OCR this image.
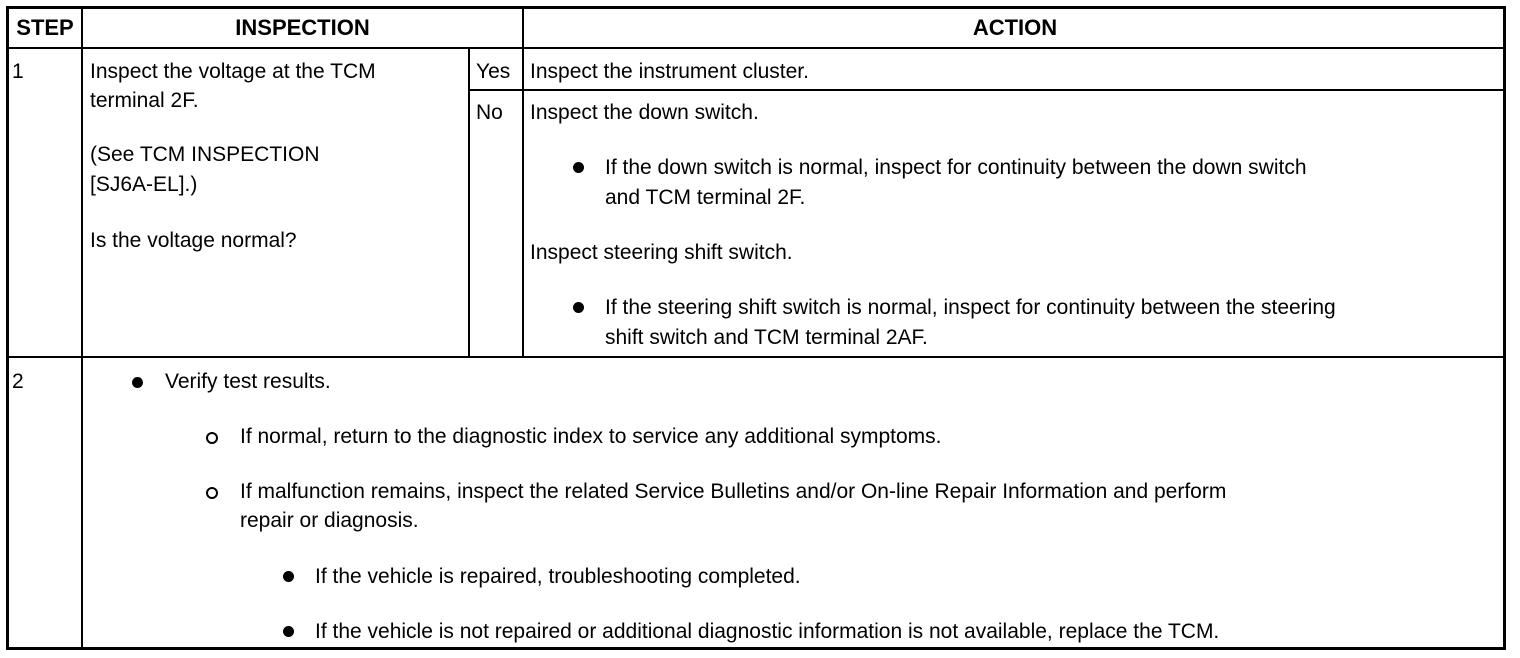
STEP	INSPECTION	ACTION
1	Inspect the voltage at the TCM
terminal 2F.
(See TCM INSPECTION
[SJ6A-EL].)
Is the voltage normal?
Yes Inspect the instrument cluster.
No Inspect the down switch.
If the down switch is normal, inspect for continuity between the down switch
and TCM terminal 2F.
Inspect steering shift switch.
If the steering shift switch is normal, inspect for continuity between the steering
shift switch and TCM terminal 2AF.
2	Verify test results.
If normal, return to the diagnostic index to service any additional symptoms.
If malfunction remains, inspect the related Service Bulletins and/or On-line Repair Information and perform
repair or diagnosis.
If the vehicle is repaired, troubleshooting completed.
If the vehicle is not repaired or additional diagnostic information is not available, replace the TCM.
